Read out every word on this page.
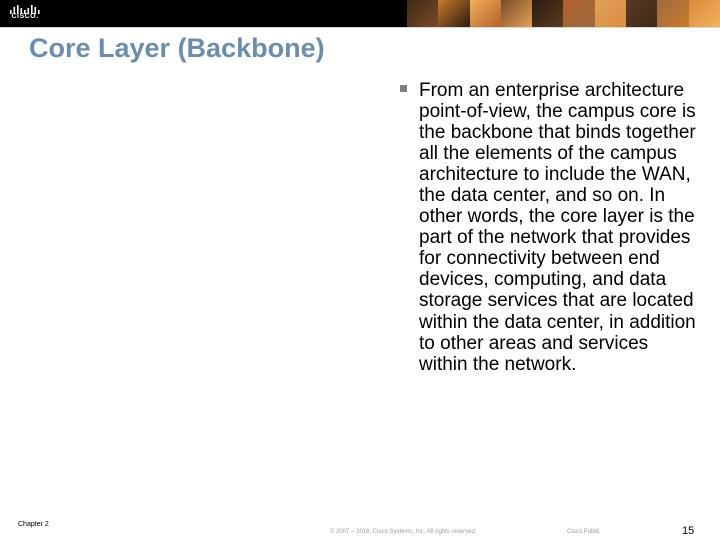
CISCO.
Core Layer (Backbone)

From an enterprise architecture point-of-view, the campus core is the backbone that binds together all the elements of the campus architecture to include the WAN, the data center, and so on. In other words, the core layer is the part of the network that provides for connectivity between end devices, computing, and data storage services that are located within the data center, in addition to other areas and services within the network.

Chapter 2
© 2007 – 2016, Cisco Systems, Inc. All rights reserved.	Cisco Public	15
